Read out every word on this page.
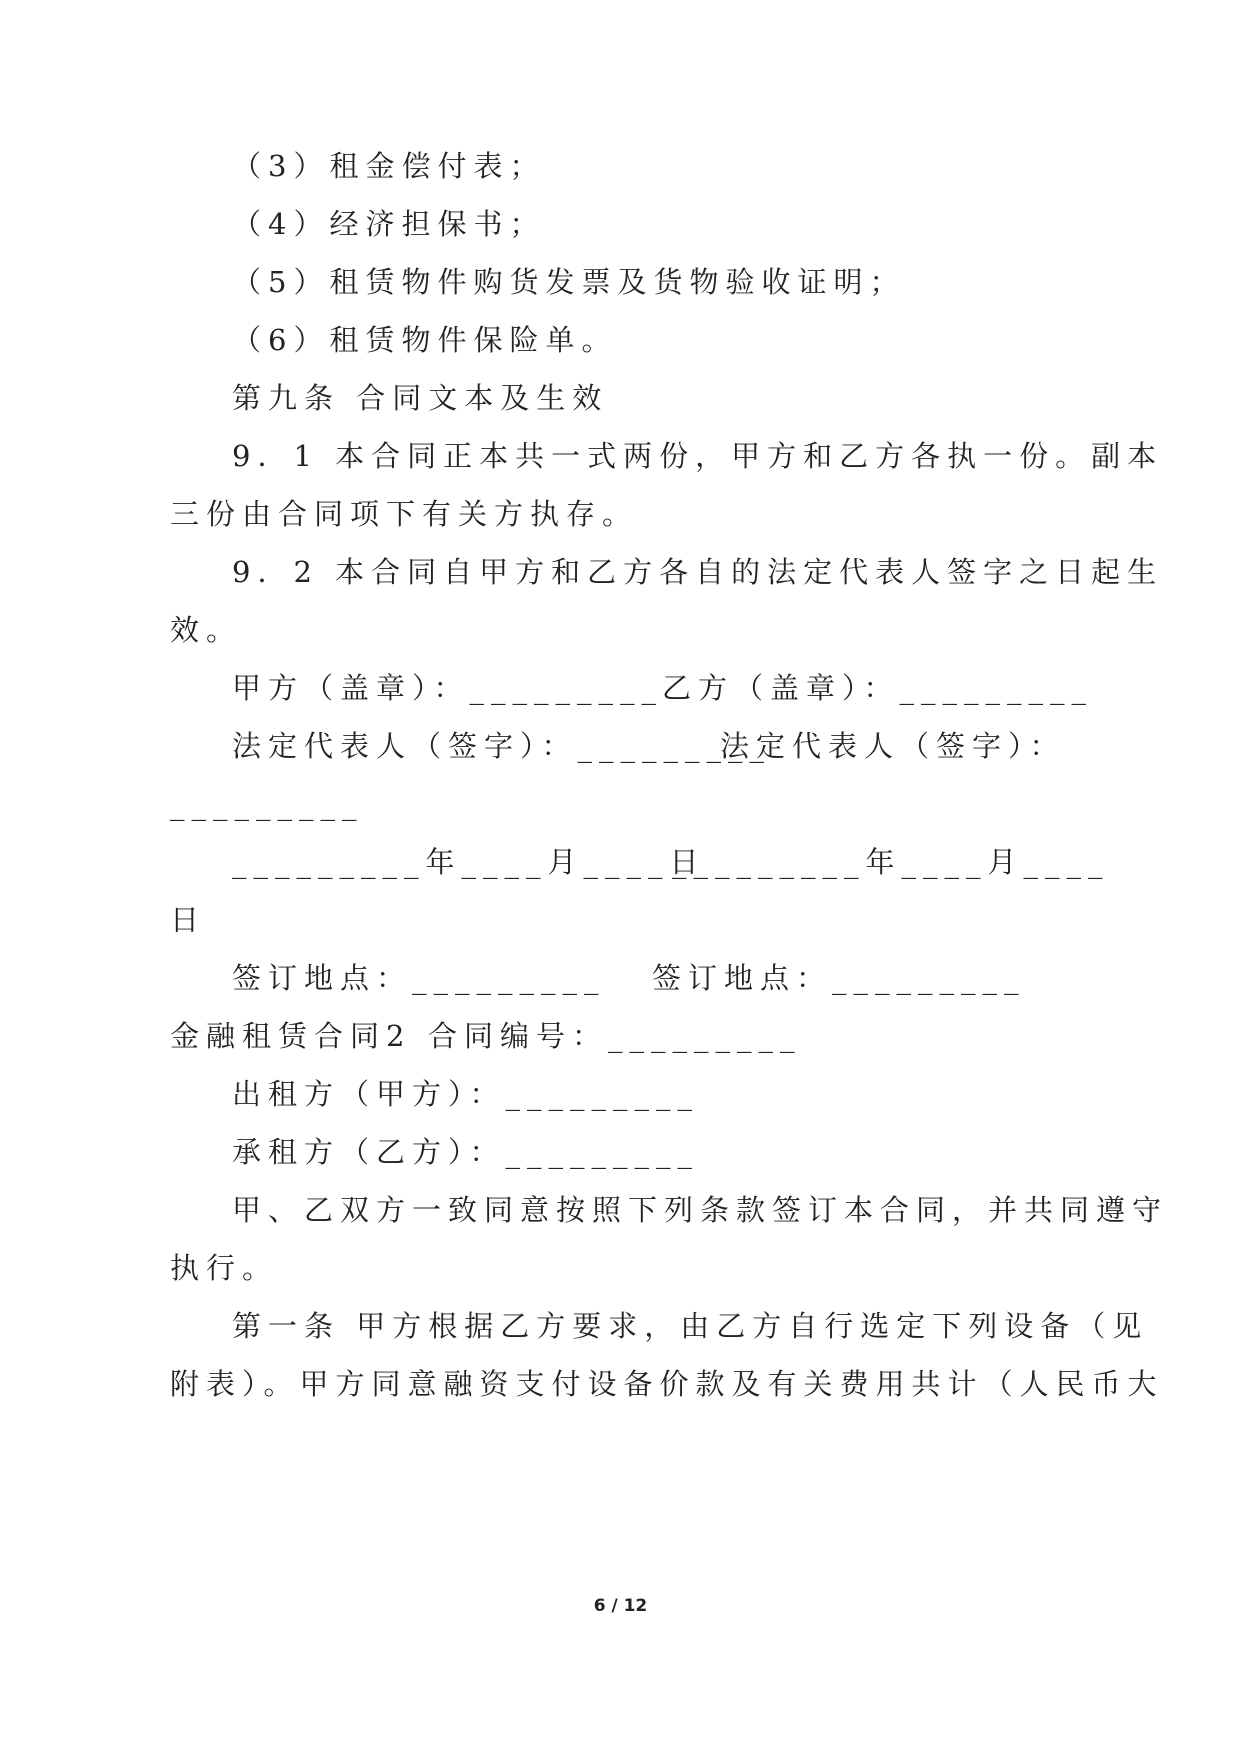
（3）租金偿付表；
（4）经济担保书；
（5）租赁物件购货发票及货物验收证明；
（6）租赁物件保险单。
第九条 合同文本及生效
9．1 本合同正本共一式两份，甲方和乙方各执一份。副本
三份由合同项下有关方执存。
9．2 本合同自甲方和乙方各自的法定代表人签字之日起生
效。
甲方（盖章）：_________
乙方（盖章）：_________
法定代表人（签字）：_________
法定代表人（签字）：
_________
_________年____月____日
_________年____月____
日
签订地点：_________ 签订地点：_________
金融租赁合同2 合同编号：_________
出租方（甲方）：_________
承租方（乙方）：_________
甲、乙双方一致同意按照下列条款签订本合同，并共同遵守
执行。
第一条 甲方根据乙方要求，由乙方自行选定下列设备（见
附表）。甲方同意融资支付设备价款及有关费用共计（人民币大
6 / 12
